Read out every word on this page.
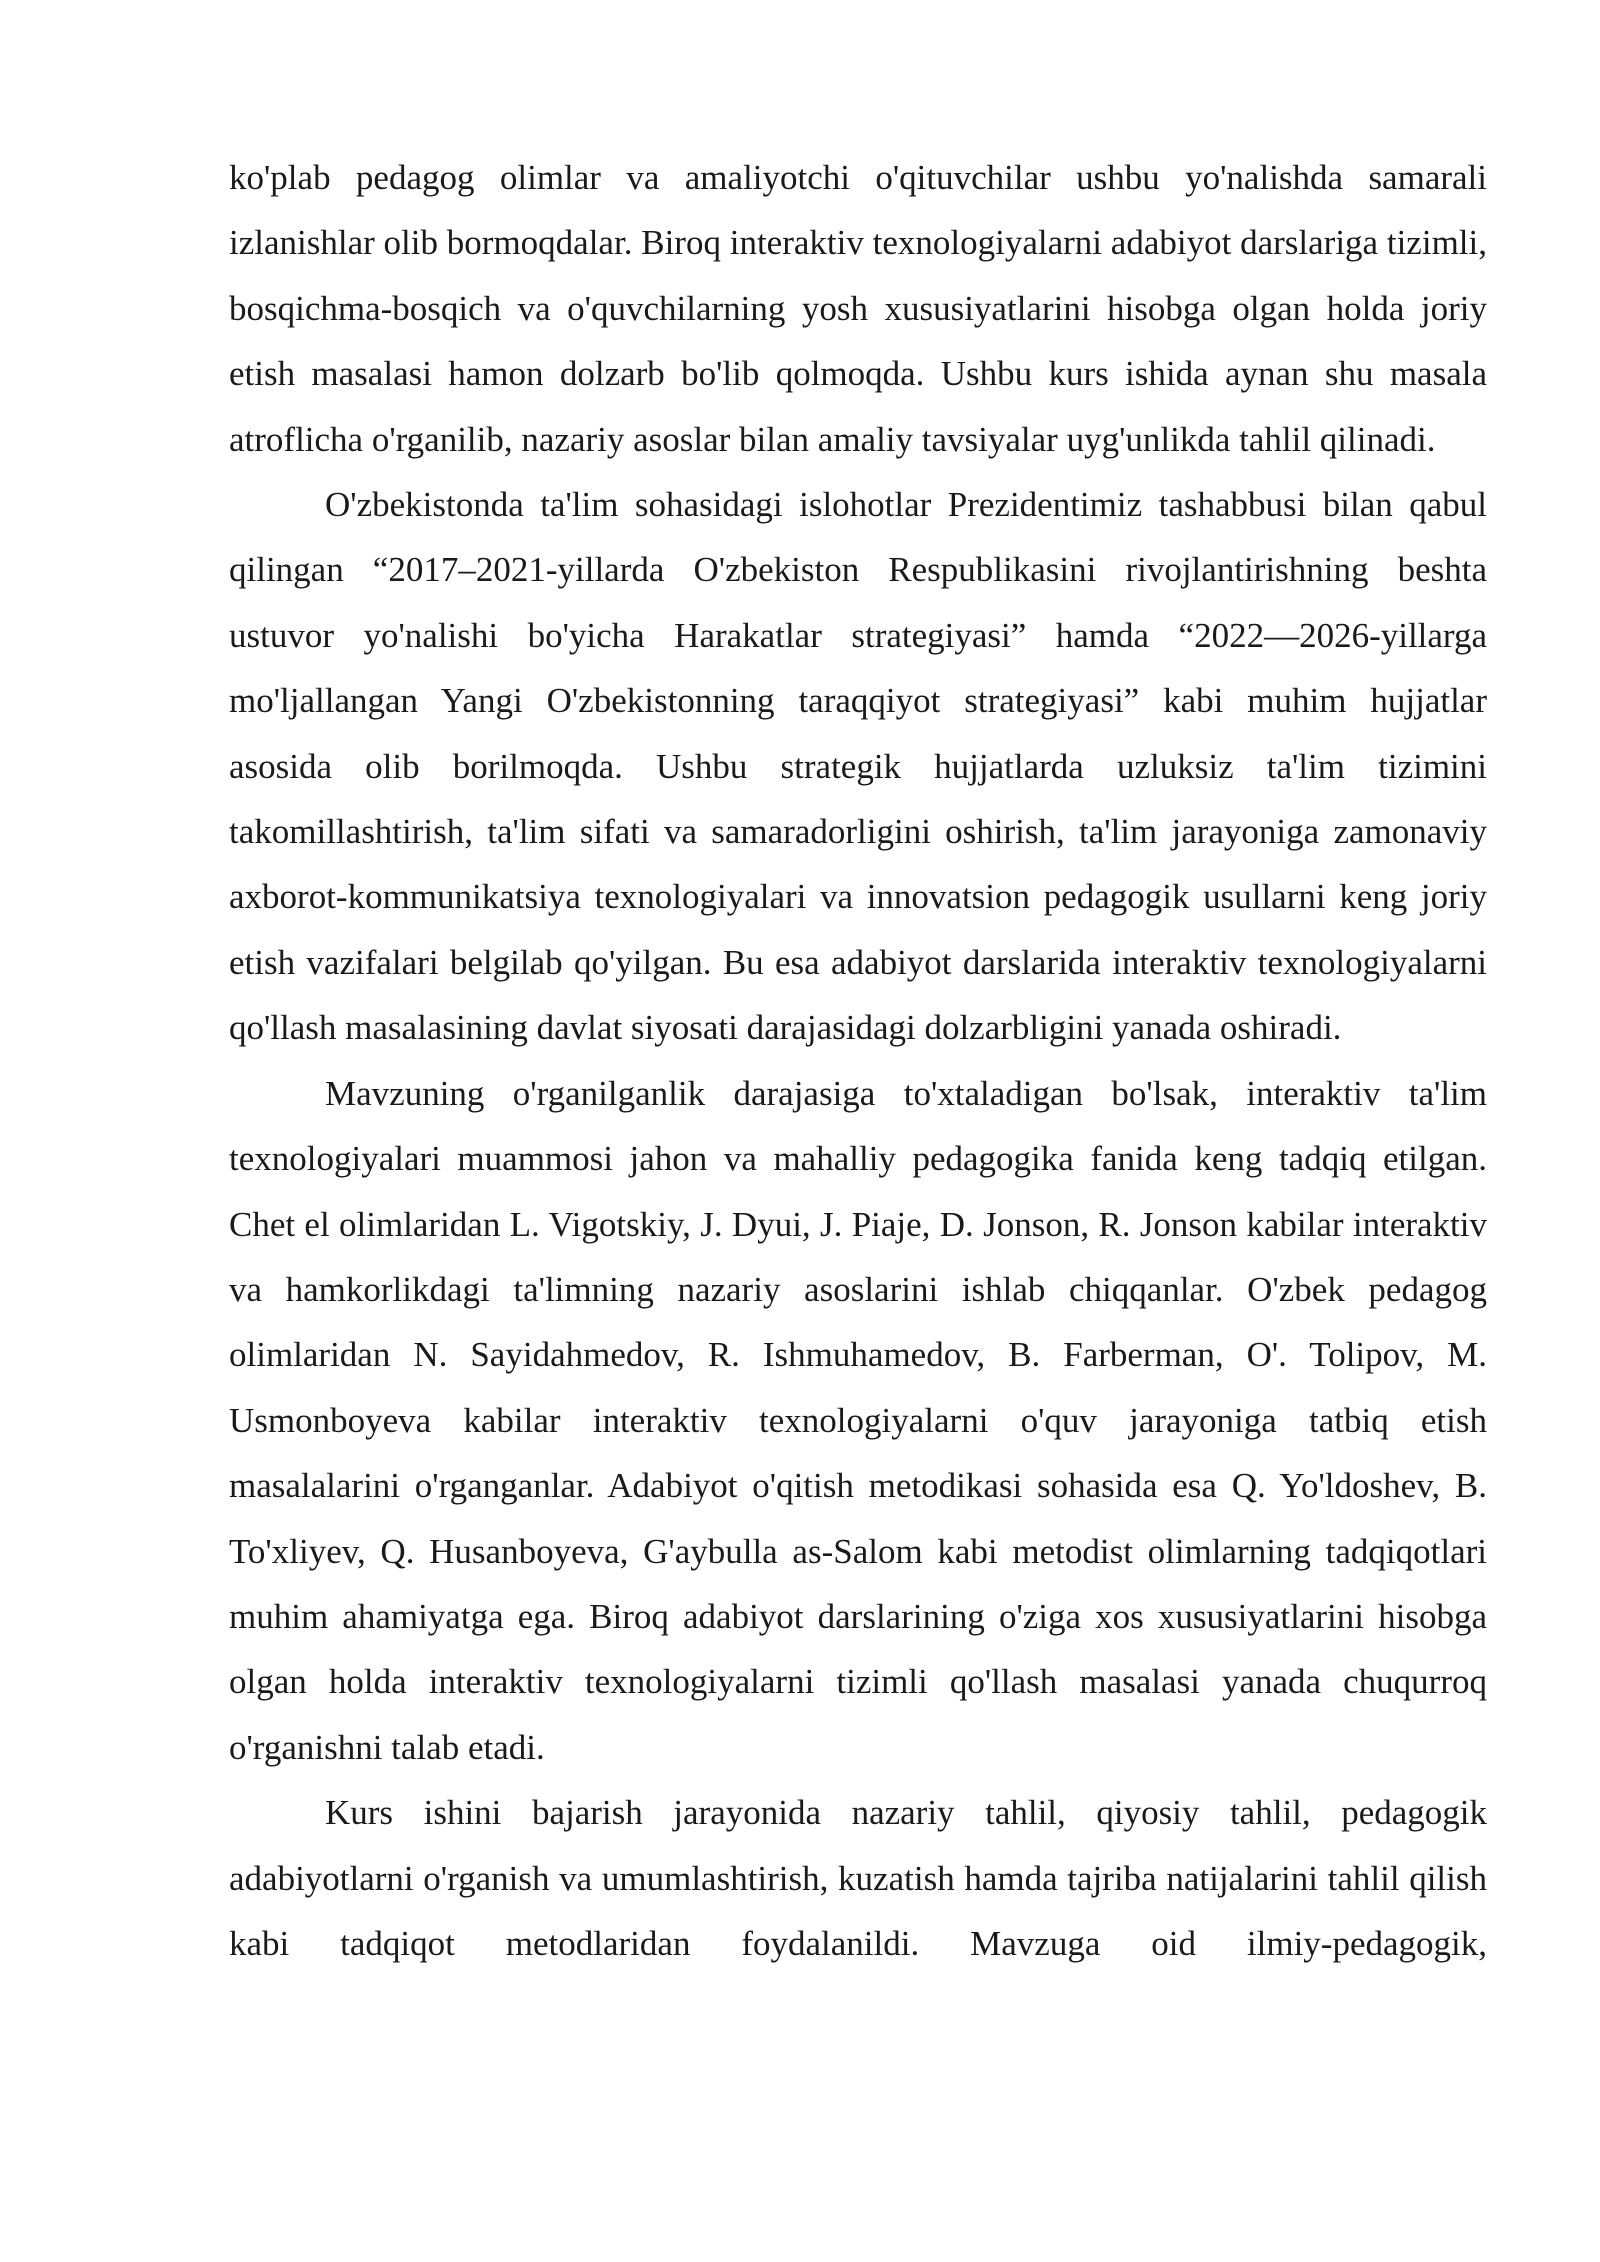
ko'plab pedagog olimlar va amaliyotchi o'qituvchilar ushbu yo'nalishda samarali izlanishlar olib bormoqdalar. Biroq interaktiv texnologiyalarni adabiyot darslariga tizimli, bosqichma-bosqich va o'quvchilarning yosh xususiyatlarini hisobga olgan holda joriy etish masalasi hamon dolzarb bo'lib qolmoqda. Ushbu kurs ishida aynan shu masala atroflicha o'rganilib, nazariy asoslar bilan amaliy tavsiyalar uyg'unlikda tahlil qilinadi.

O'zbekistonda ta'lim sohasidagi islohotlar Prezidentimiz tashabbusi bilan qabul qilingan “2017–2021-yillarda O'zbekiston Respublikasini rivojlantirishning beshta ustuvor yo'nalishi bo'yicha Harakatlar strategiyasi” hamda “2022—2026-yillarga mo'ljallangan Yangi O'zbekistonning taraqqiyot strategiyasi” kabi muhim hujjatlar asosida olib borilmoqda. Ushbu strategik hujjatlarda uzluksiz ta'lim tizimini takomillashtirish, ta'lim sifati va samaradorligini oshirish, ta'lim jarayoniga zamonaviy axborot-kommunikatsiya texnologiyalari va innovatsion pedagogik usullarni keng joriy etish vazifalari belgilab qo'yilgan. Bu esa adabiyot darslarida interaktiv texnologiyalarni qo'llash masalasining davlat siyosati darajasidagi dolzarbligini yanada oshiradi.

Mavzuning o'rganilganlik darajasiga to'xtaladigan bo'lsak, interaktiv ta'lim texnologiyalari muammosi jahon va mahalliy pedagogika fanida keng tadqiq etilgan. Chet el olimlaridan L. Vigotskiy, J. Dyui, J. Piaje, D. Jonson, R. Jonson kabilar interaktiv va hamkorlikdagi ta'limning nazariy asoslarini ishlab chiqqanlar. O'zbek pedagog olimlaridan N. Sayidahmedov, R. Ishmuhamedov, B. Farberman, O'. Tolipov, M. Usmonboyeva kabilar interaktiv texnologiyalarni o'quv jarayoniga tatbiq etish masalalarini o'rganganlar. Adabiyot o'qitish metodikasi sohasida esa Q. Yo'ldoshev, B. To'xliyev, Q. Husanboyeva, G'aybulla as-Salom kabi metodist olimlarning tadqiqotlari muhim ahamiyatga ega. Biroq adabiyot darslarining o'ziga xos xususiyatlarini hisobga olgan holda interaktiv texnologiyalarni tizimli qo'llash masalasi yanada chuqurroq o'rganishni talab etadi.

Kurs ishini bajarish jarayonida nazariy tahlil, qiyosiy tahlil, pedagogik adabiyotlarni o'rganish va umumlashtirish, kuzatish hamda tajriba natijalarini tahlil qilish kabi tadqiqot metodlaridan foydalanildi. Mavzuga oid ilmiy-pedagogik,
